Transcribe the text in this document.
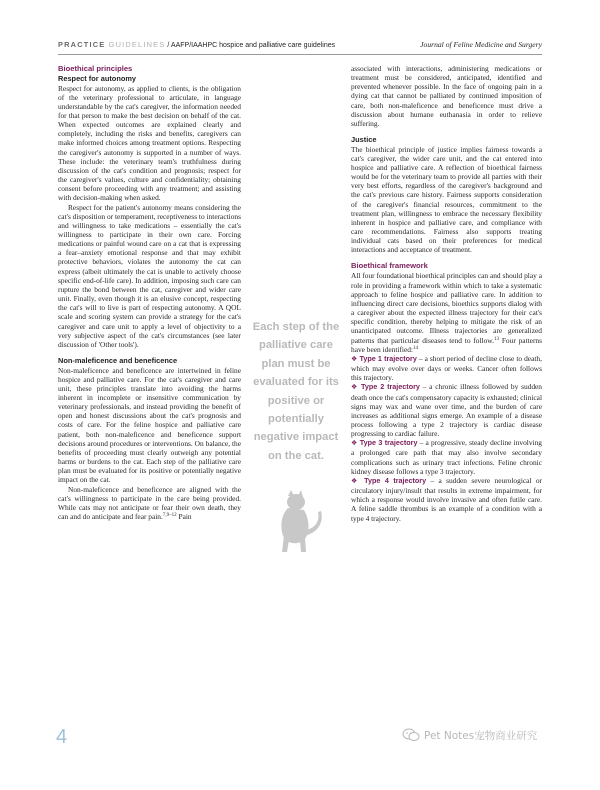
PRACTICE GUIDELINES / AAFP/IAAHPC hospice and palliative care guidelines	Journal of Feline Medicine and Surgery

Bioethical principles

Respect for autonomy

Respect for autonomy, as applied to clients, is the obligation of the veterinary professional to articulate, in language understandable by the cat's caregiver, the information needed for that person to make the best decision on behalf of the cat. When expected outcomes are explained clearly and completely, including the risks and benefits, caregivers can make informed choices among treatment options. Respecting the caregiver's autonomy is supported in a number of ways. These include: the veterinary team's truthfulness during discussion of the cat's condition and prognosis; respect for the caregiver's values, culture and confidentiality; obtaining consent before proceeding with any treatment; and assisting with decision-making when asked.

Respect for the patient's autonomy means considering the cat's disposition or temperament, receptiveness to interactions and willingness to take medications – essentially the cat's willingness to participate in their own care. Forcing medications or painful wound care on a cat that is expressing a fear–anxiety emotional response and that may exhibit protective behaviors, violates the autonomy the cat can express (albeit ultimately the cat is unable to actively choose specific end-of-life care). In addition, imposing such care can rupture the bond between the cat, caregiver and wider care unit. Finally, even though it is an elusive concept, respecting the cat's will to live is part of respecting autonomy. A QOL scale and scoring system can provide a strategy for the cat's caregiver and care unit to apply a level of objectivity to a very subjective aspect of the cat's circumstances (see later discussion of 'Other tools').

Non-maleficence and beneficence

Non-maleficence and beneficence are intertwined in feline hospice and palliative care. For the cat's caregiver and care unit, these principles translate into avoiding the harms inherent in incomplete or insensitive communication by veterinary professionals, and instead providing the benefit of open and honest discussions about the cat's prognosis and costs of care. For the feline hospice and palliative care patient, both non-maleficence and beneficence support decisions around procedures or interventions. On balance, the benefits of proceeding must clearly outweigh any potential harms or burdens to the cat. Each step of the palliative care plan must be evaluated for its positive or potentially negative impact on the cat.

Non-maleficence and beneficence are aligned with the cat's willingness to participate in the care being provided. While cats may not anticipate or fear their own death, they can and do anticipate and fear pain.$^{7,9-12}$ Pain

Each step of the palliative care plan must be evaluated for its positive or potentially negative impact on the cat.

associated with interactions, administering medications or treatment must be considered, anticipated, identified and prevented whenever possible. In the face of ongoing pain in a dying cat that cannot be palliated by continued imposition of care, both non-maleficence and beneficence must drive a discussion about humane euthanasia in order to relieve suffering.

Justice

The bioethical principle of justice implies fairness towards a cat's caregiver, the wider care unit, and the cat entered into hospice and palliative care. A reflection of bioethical fairness would be for the veterinary team to provide all parties with their very best efforts, regardless of the caregiver's background and the cat's previous care history. Fairness supports consideration of the caregiver's financial resources, commitment to the treatment plan, willingness to embrace the necessary flexibility inherent in hospice and palliative care, and compliance with care recommendations. Fairness also supports treating individual cats based on their preferences for medical interactions and acceptance of treatment.

Bioethical framework

All four foundational bioethical principles can and should play a role in providing a framework within which to take a systematic approach to feline hospice and palliative care. In addition to influencing direct care decisions, bioethics supports dialog with a caregiver about the expected illness trajectory for their cat's specific condition, thereby helping to mitigate the risk of an unanticipated outcome. Illness trajectories are generalized patterns that particular diseases tend to follow.$^{13}$ Four patterns have been identified:$^{14}$

❖ Type 1 trajectory – a short period of decline close to death, which may evolve over days or weeks. Cancer often follows this trajectory.

❖ Type 2 trajectory – a chronic illness followed by sudden death once the cat's compensatory capacity is exhausted; clinical signs may wax and wane over time, and the burden of care increases as additional signs emerge. An example of a disease process following a type 2 trajectory is cardiac disease progressing to cardiac failure.

❖ Type 3 trajectory – a progressive, steady decline involving a prolonged care path that may also involve secondary complications such as urinary tract infections. Feline chronic kidney disease follows a type 3 trajectory.

❖ Type 4 trajectory – a sudden severe neurological or circulatory injury/insult that results in extreme impairment, for which a response would involve invasive and often futile care. A feline saddle thrombus is an example of a condition with a type 4 trajectory.

4	Pet Notes宠物商业研究
